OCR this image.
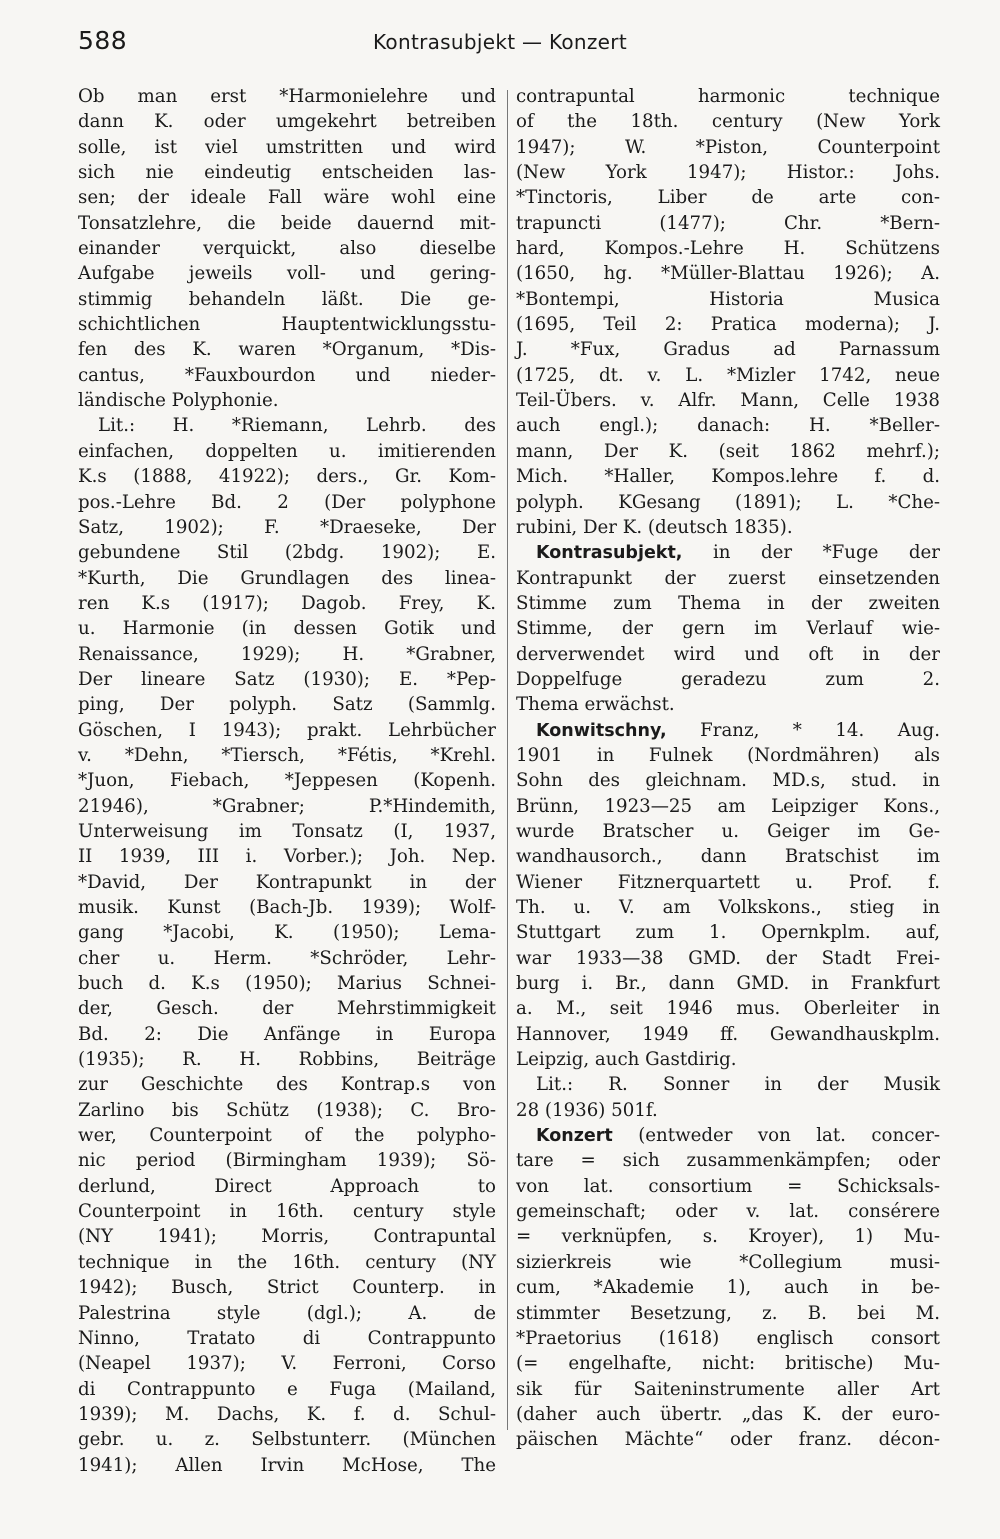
588	Kontrasubjekt — Konzert
Ob man erst *Harmonielehre und
dann K. oder umgekehrt betreiben
solle, ist viel umstritten und wird
sich nie eindeutig entscheiden las-
sen; der ideale Fall wäre wohl eine
Tonsatzlehre, die beide dauernd mit-
einander verquickt, also dieselbe
Aufgabe jeweils voll- und gering-
stimmig behandeln läßt. Die ge-
schichtlichen Hauptentwicklungsstu-
fen des K. waren *Organum, *Dis-
cantus, *Fauxbourdon und nieder-
ländische Polyphonie.
Lit.: H. *Riemann, Lehrb. des
einfachen, doppelten u. imitierenden
K.s (1888, 41922); ders., Gr. Kom-
pos.-Lehre Bd. 2 (Der polyphone
Satz, 1902); F. *Draeseke, Der
gebundene Stil (2bdg. 1902); E.
*Kurth, Die Grundlagen des linea-
ren K.s (1917); Dagob. Frey, K.
u. Harmonie (in dessen Gotik und
Renaissance, 1929); H. *Grabner,
Der lineare Satz (1930); E. *Pep-
ping, Der polyph. Satz (Sammlg.
Göschen, I 1943); prakt. Lehrbücher
v. *Dehn, *Tiersch, *Fétis, *Krehl.
*Juon, Fiebach, *Jeppesen (Kopenh.
21946), *Grabner; P.*Hindemith,
Unterweisung im Tonsatz (I, 1937,
II 1939, III i. Vorber.); Joh. Nep.
*David, Der Kontrapunkt in der
musik. Kunst (Bach-Jb. 1939); Wolf-
gang *Jacobi, K. (1950); Lema-
cher u. Herm. *Schröder, Lehr-
buch d. K.s (1950); Marius Schnei-
der, Gesch. der Mehrstimmigkeit
Bd. 2: Die Anfänge in Europa
(1935); R. H. Robbins, Beiträge
zur Geschichte des Kontrap.s von
Zarlino bis Schütz (1938); C. Bro-
wer, Counterpoint of the polypho-
nic period (Birmingham 1939); Sö-
derlund, Direct Approach to
Counterpoint in 16th. century style
(NY 1941); Morris, Contrapuntal
technique in the 16th. century (NY
1942); Busch, Strict Counterp. in
Palestrina style (dgl.); A. de
Ninno, Tratato di Contrappunto
(Neapel 1937); V. Ferroni, Corso
di Contrappunto e Fuga (Mailand,
1939); M. Dachs, K. f. d. Schul-
gebr. u. z. Selbstunterr. (München
1941); Allen Irvin McHose, The
contrapuntal harmonic technique
of the 18th. century (New York
1947); W. *Piston, Counterpoint
(New York 1947); Histor.: Johs.
*Tinctoris, Liber de arte con-
trapuncti (1477); Chr. *Bern-
hard, Kompos.-Lehre H. Schützens
(1650, hg. *Müller-Blattau 1926); A.
*Bontempi, Historia Musica
(1695, Teil 2: Pratica moderna); J.
J. *Fux, Gradus ad Parnassum
(1725, dt. v. L. *Mizler 1742, neue
Teil-Übers. v. Alfr. Mann, Celle 1938
auch engl.); danach: H. *Beller-
mann, Der K. (seit 1862 mehrf.);
Mich. *Haller, Kompos.lehre f. d.
polyph. KGesang (1891); L. *Che-
rubini, Der K. (deutsch 1835).
Kontrasubjekt, in der *Fuge der
Kontrapunkt der zuerst einsetzenden
Stimme zum Thema in der zweiten
Stimme, der gern im Verlauf wie-
derverwendet wird und oft in der
Doppelfuge geradezu zum 2.
Thema erwächst.
Konwitschny, Franz, * 14. Aug.
1901 in Fulnek (Nordmähren) als
Sohn des gleichnam. MD.s, stud. in
Brünn, 1923—25 am Leipziger Kons.,
wurde Bratscher u. Geiger im Ge-
wandhausorch., dann Bratschist im
Wiener Fitznerquartett u. Prof. f.
Th. u. V. am Volkskons., stieg in
Stuttgart zum 1. Opernkplm. auf,
war 1933—38 GMD. der Stadt Frei-
burg i. Br., dann GMD. in Frankfurt
a. M., seit 1946 mus. Oberleiter in
Hannover, 1949 ff. Gewandhauskplm.
Leipzig, auch Gastdirig.
Lit.: R. Sonner in der Musik
28 (1936) 501f.
Konzert (entweder von lat. concer-
tare = sich zusammenkämpfen; oder
von lat. consortium = Schicksals-
gemeinschaft; oder v. lat. consérere
= verknüpfen, s. Kroyer), 1) Mu-
sizierkreis wie *Collegium musi-
cum, *Akademie 1), auch in be-
stimmter Besetzung, z. B. bei M.
*Praetorius (1618) englisch consort
(= engelhafte, nicht: britische) Mu-
sik für Saiteninstrumente aller Art
(daher auch übertr. „das K. der euro-
päischen Mächte“ oder franz. décon-
